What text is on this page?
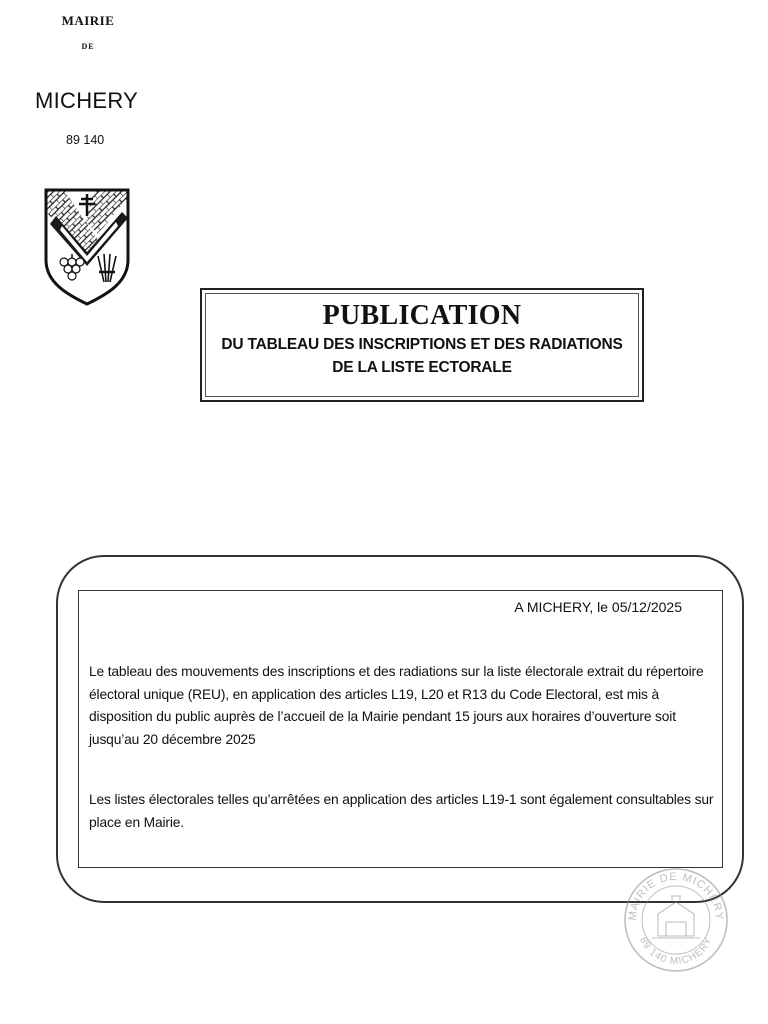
MAIRIE
DE
MICHERY
89 140
PUBLICATION
DU TABLEAU DES INSCRIPTIONS ET DES RADIATIONS
DE LA LISTE ECTORALE
A MICHERY, le 05/12/2025
Le tableau des mouvements des inscriptions et des radiations sur la liste électorale extrait du répertoire électoral unique (REU), en application des articles L19, L20 et R13 du Code Electoral, est mis à disposition du public auprès de l’accueil de la Mairie pendant 15 jours aux horaires d’ouverture soit jusqu’au 20 décembre 2025
Les listes électorales telles qu’arrêtées en application des articles L19-1 sont également consultables sur place en Mairie.
MAIRIE DE MICHERY
89 140 MICHERY
